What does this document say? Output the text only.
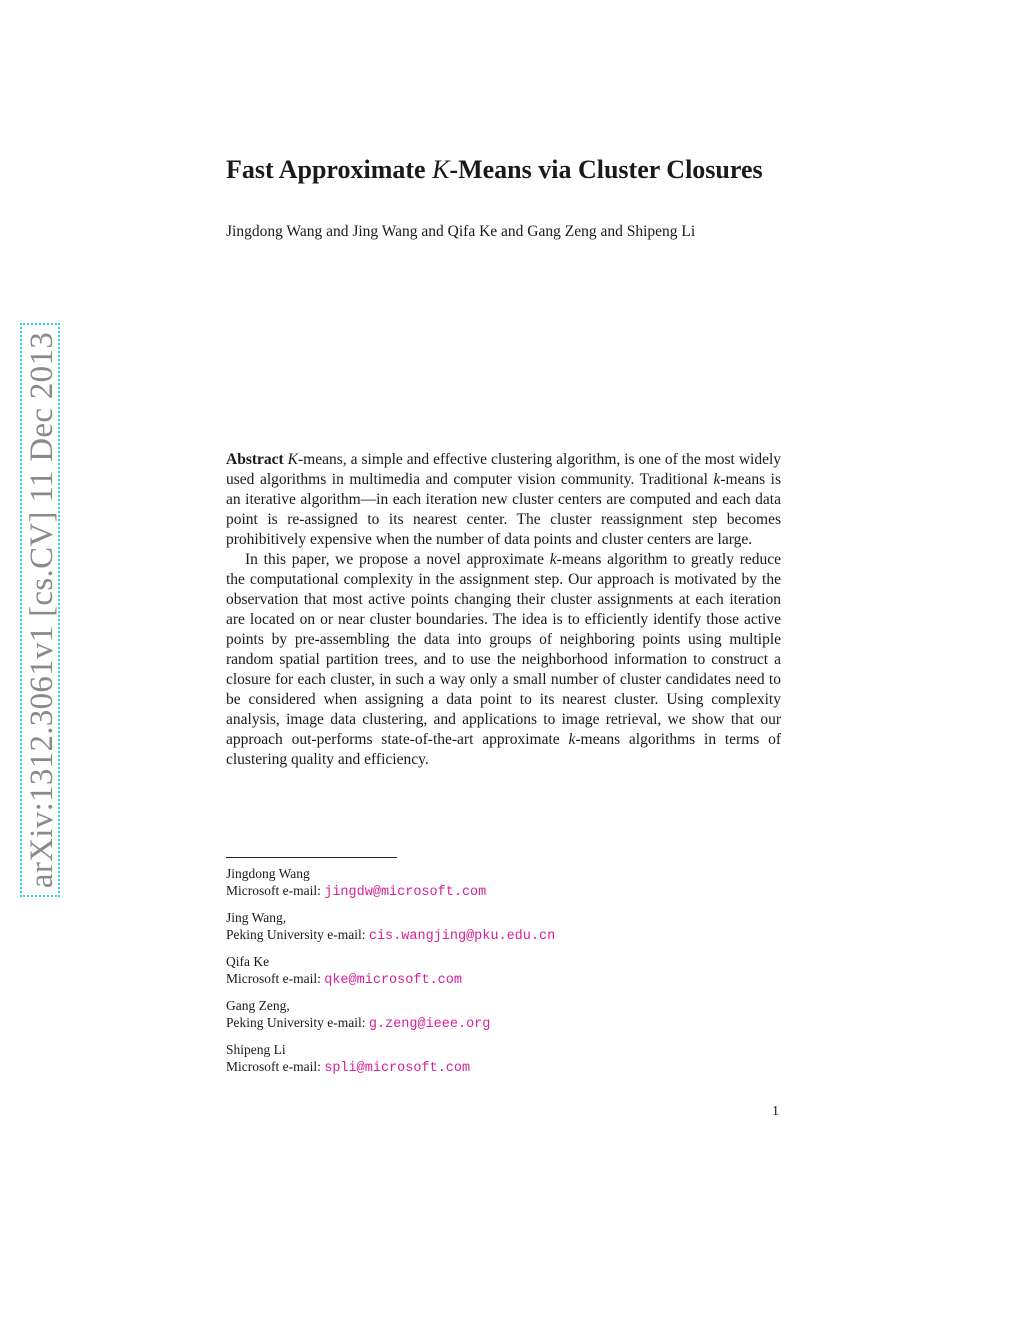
Fast Approximate K-Means via Cluster Closures
Jingdong Wang and Jing Wang and Qifa Ke and Gang Zeng and Shipeng Li
arXiv:1312.3061v1 [cs.CV] 11 Dec 2013	Abstract K-means, a simple and effective clustering algorithm, is one of the most widely used algorithms in multimedia and computer vision community. Traditional k-means is an iterative algorithm—in each iteration new cluster centers are computed and each data point is re-assigned to its nearest center. The cluster reassignment step becomes prohibitively expensive when the number of data points and cluster centers are large.

In this paper, we propose a novel approximate k-means algorithm to greatly reduce the computational complexity in the assignment step. Our approach is motivated by the observation that most active points changing their cluster assignments at each iteration are located on or near cluster boundaries. The idea is to efficiently identify those active points by pre-assembling the data into groups of neighboring points using multiple random spatial partition trees, and to use the neighborhood information to construct a closure for each cluster, in such a way only a small number of cluster candidates need to be considered when assigning a data point to its nearest cluster. Using complexity analysis, image data clustering, and applications to image retrieval, we show that our approach out-performs state-of-the-art approximate k-means algorithms in terms of clustering quality and efficiency.

Jingdong Wang
Microsoft e-mail: jingdw@microsoft.com
Jing Wang,
Peking University e-mail: cis.wangjing@pku.edu.cn
Qifa Ke
Microsoft e-mail: qke@microsoft.com
Gang Zeng,
Peking University e-mail: g.zeng@ieee.org
Shipeng Li
Microsoft e-mail: spli@microsoft.com
1
